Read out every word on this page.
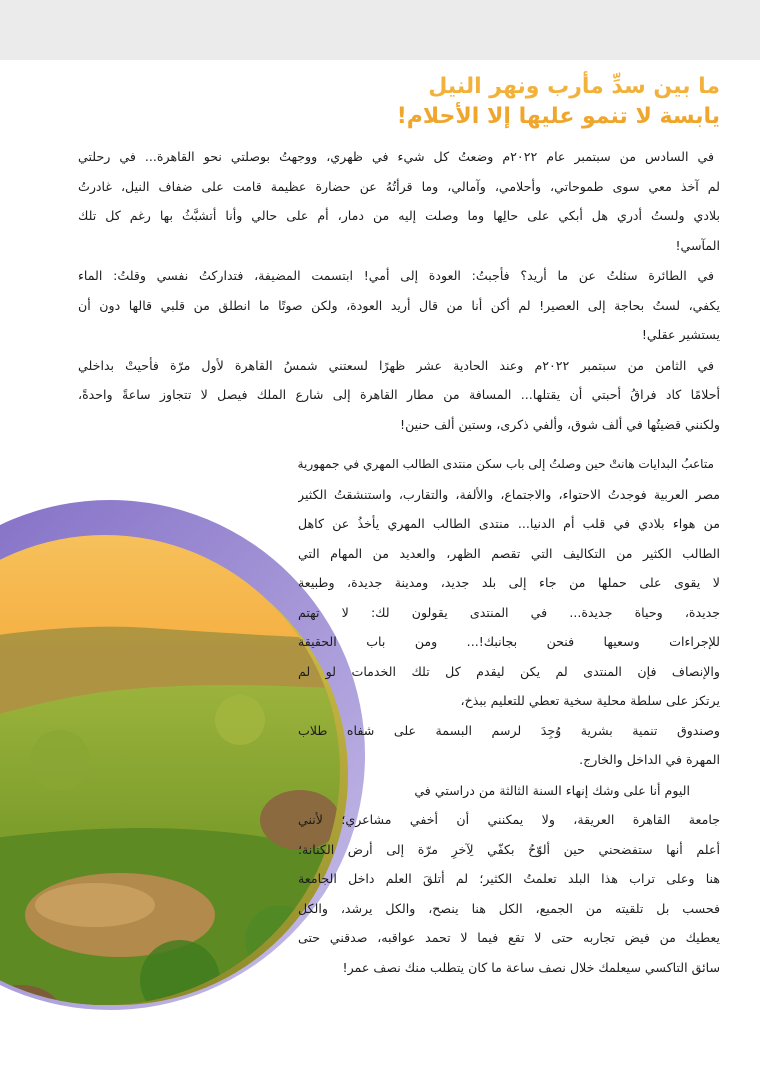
ما بين سدِّ مأرب ونهر النيل
يابسة لا تنمو عليها إلا الأحلام!
في السادس من سبتمبر عام ٢٠٢٢م وضعتُ كل شيء في ظهري، ووجهتُ بوصلتي نحو القاهرة... في رحلتي
لم آخذ معي سوى طموحاتي، وأحلامي، وآمالي، وما قرأتُهُ عن حضارة عظيمة قامت على ضفاف النيل، غادرتُ
بلادي ولستُ أدري هل أبكي على حالِها وما وصلت إليه من دمار، أم على حالي وأنا أتشبَّثُ بها رغم كل تلك
المآسي!
في الطائرة سئلتُ عن ما أريد؟ فأجبتُ: العودة إلى أمي! ابتسمت المضيفة، فتداركتُ نفسي وقلتُ: الماء
يكفي، لستُ بحاجة إلى العصير! لم أكن أنا من قال أريد العودة، ولكن صوتًا ما انطلق من قلبي قالها دون أن
يستشير عقلي!
في الثامن من سبتمبر ٢٠٢٢م وعند الحادية عشر ظهرًا لسعتني شمسُ القاهرة لأول مرّة فأحيتْ بداخلي
أحلامًا كاد فراقُ أحبتي أن يقتلها... المسافة من مطار القاهرة إلى شارع الملك فيصل لا تتجاوز ساعةً واحدةً،
ولكنني قضيتُها في ألف شوق، وألفي ذكرى، وستين ألف حنين!
متاعبُ البدايات هانتْ حين وصلتُ إلى باب سكن منتدى الطالب المهري في جمهورية
مصر العربية فوجدتُ الاحتواء، والاجتماع، والألفة، والتقارب، واستنشقتُ الكثير
من هواء بلادي في قلب أم الدنيا... منتدى الطالب المهري يأخذُ عن كاهل
الطالب الكثير من التكاليف التي تقصم الظهر، والعديد من المهام التي
لا يقوى على حملها من جاء إلى بلد جديد، ومدينة جديدة، وطبيعة
جديدة، وحياة جديدة... في المنتدى يقولون لك: لا تهتم
للإجراءات وسعيها فنحن بجانبك!... ومن باب الحقيقة
والإنصاف فإن المنتدى لم يكن ليقدم كل تلك الخدمات لو لم
يرتكز على سلطة محلية سخية تعطي للتعليم ببذخ،
وصندوق تنمية بشرية وُجِدَ لرسم البسمة على شفاه طلاب
المهرة في الداخل والخارج.
اليوم أنا على وشك إنهاء السنة الثالثة من دراستي في
جامعة القاهرة العريقة، ولا يمكنني أن أخفي مشاعري؛ لأنني
أعلم أنها ستفضحني حين ألوّحُ بكفّي لِآخرِ مرّة إلى أرض الكنانة؛
هنا وعلى تراب هذا البلد تعلمتُ الكثير؛ لم أتلقَ العلم داخل الجامعة
فحسب بل تلقيته من الجميع، الكل هنا ينصح، والكل يرشد، والكل
يعطيك من فيض تجاربه حتى لا تقع فيما لا تحمد عواقبه، صدقني حتى
سائق التاكسي سيعلمك خلال نصف ساعة ما كان يتطلب منك نصف عمر!
